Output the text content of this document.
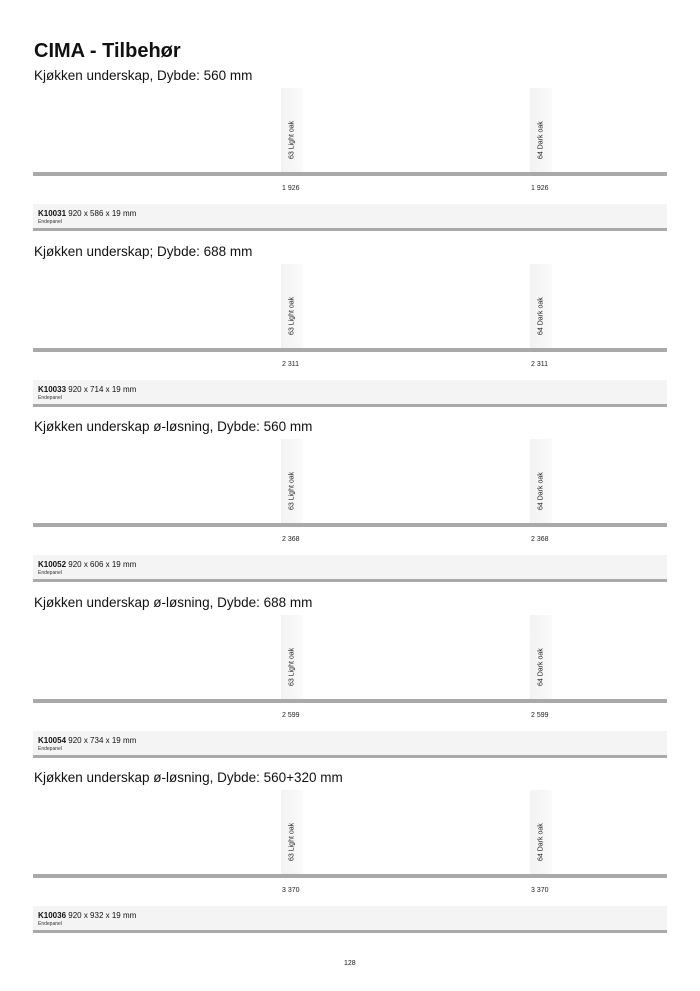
CIMA - Tilbehør
Kjøkken underskap, Dybde: 560 mm
63 Light oak	64 Dark oak
1 926	1 926
K10031 920 x 586 x 19 mm
Endepanel
Kjøkken underskap; Dybde: 688 mm
63 Light oak	64 Dark oak
2 311	2 311
K10033 920 x 714 x 19 mm
Endepanel
Kjøkken underskap ø-løsning, Dybde: 560 mm
63 Light oak	64 Dark oak
2 368	2 368
K10052 920 x 606 x 19 mm
Endepanel
Kjøkken underskap ø-løsning, Dybde: 688 mm
63 Light oak	64 Dark oak
2 599	2 599
K10054 920 x 734 x 19 mm
Endepanel
Kjøkken underskap ø-løsning, Dybde: 560+320 mm
63 Light oak	64 Dark oak
3 370	3 370
K10036 920 x 932 x 19 mm
Endepanel
128
